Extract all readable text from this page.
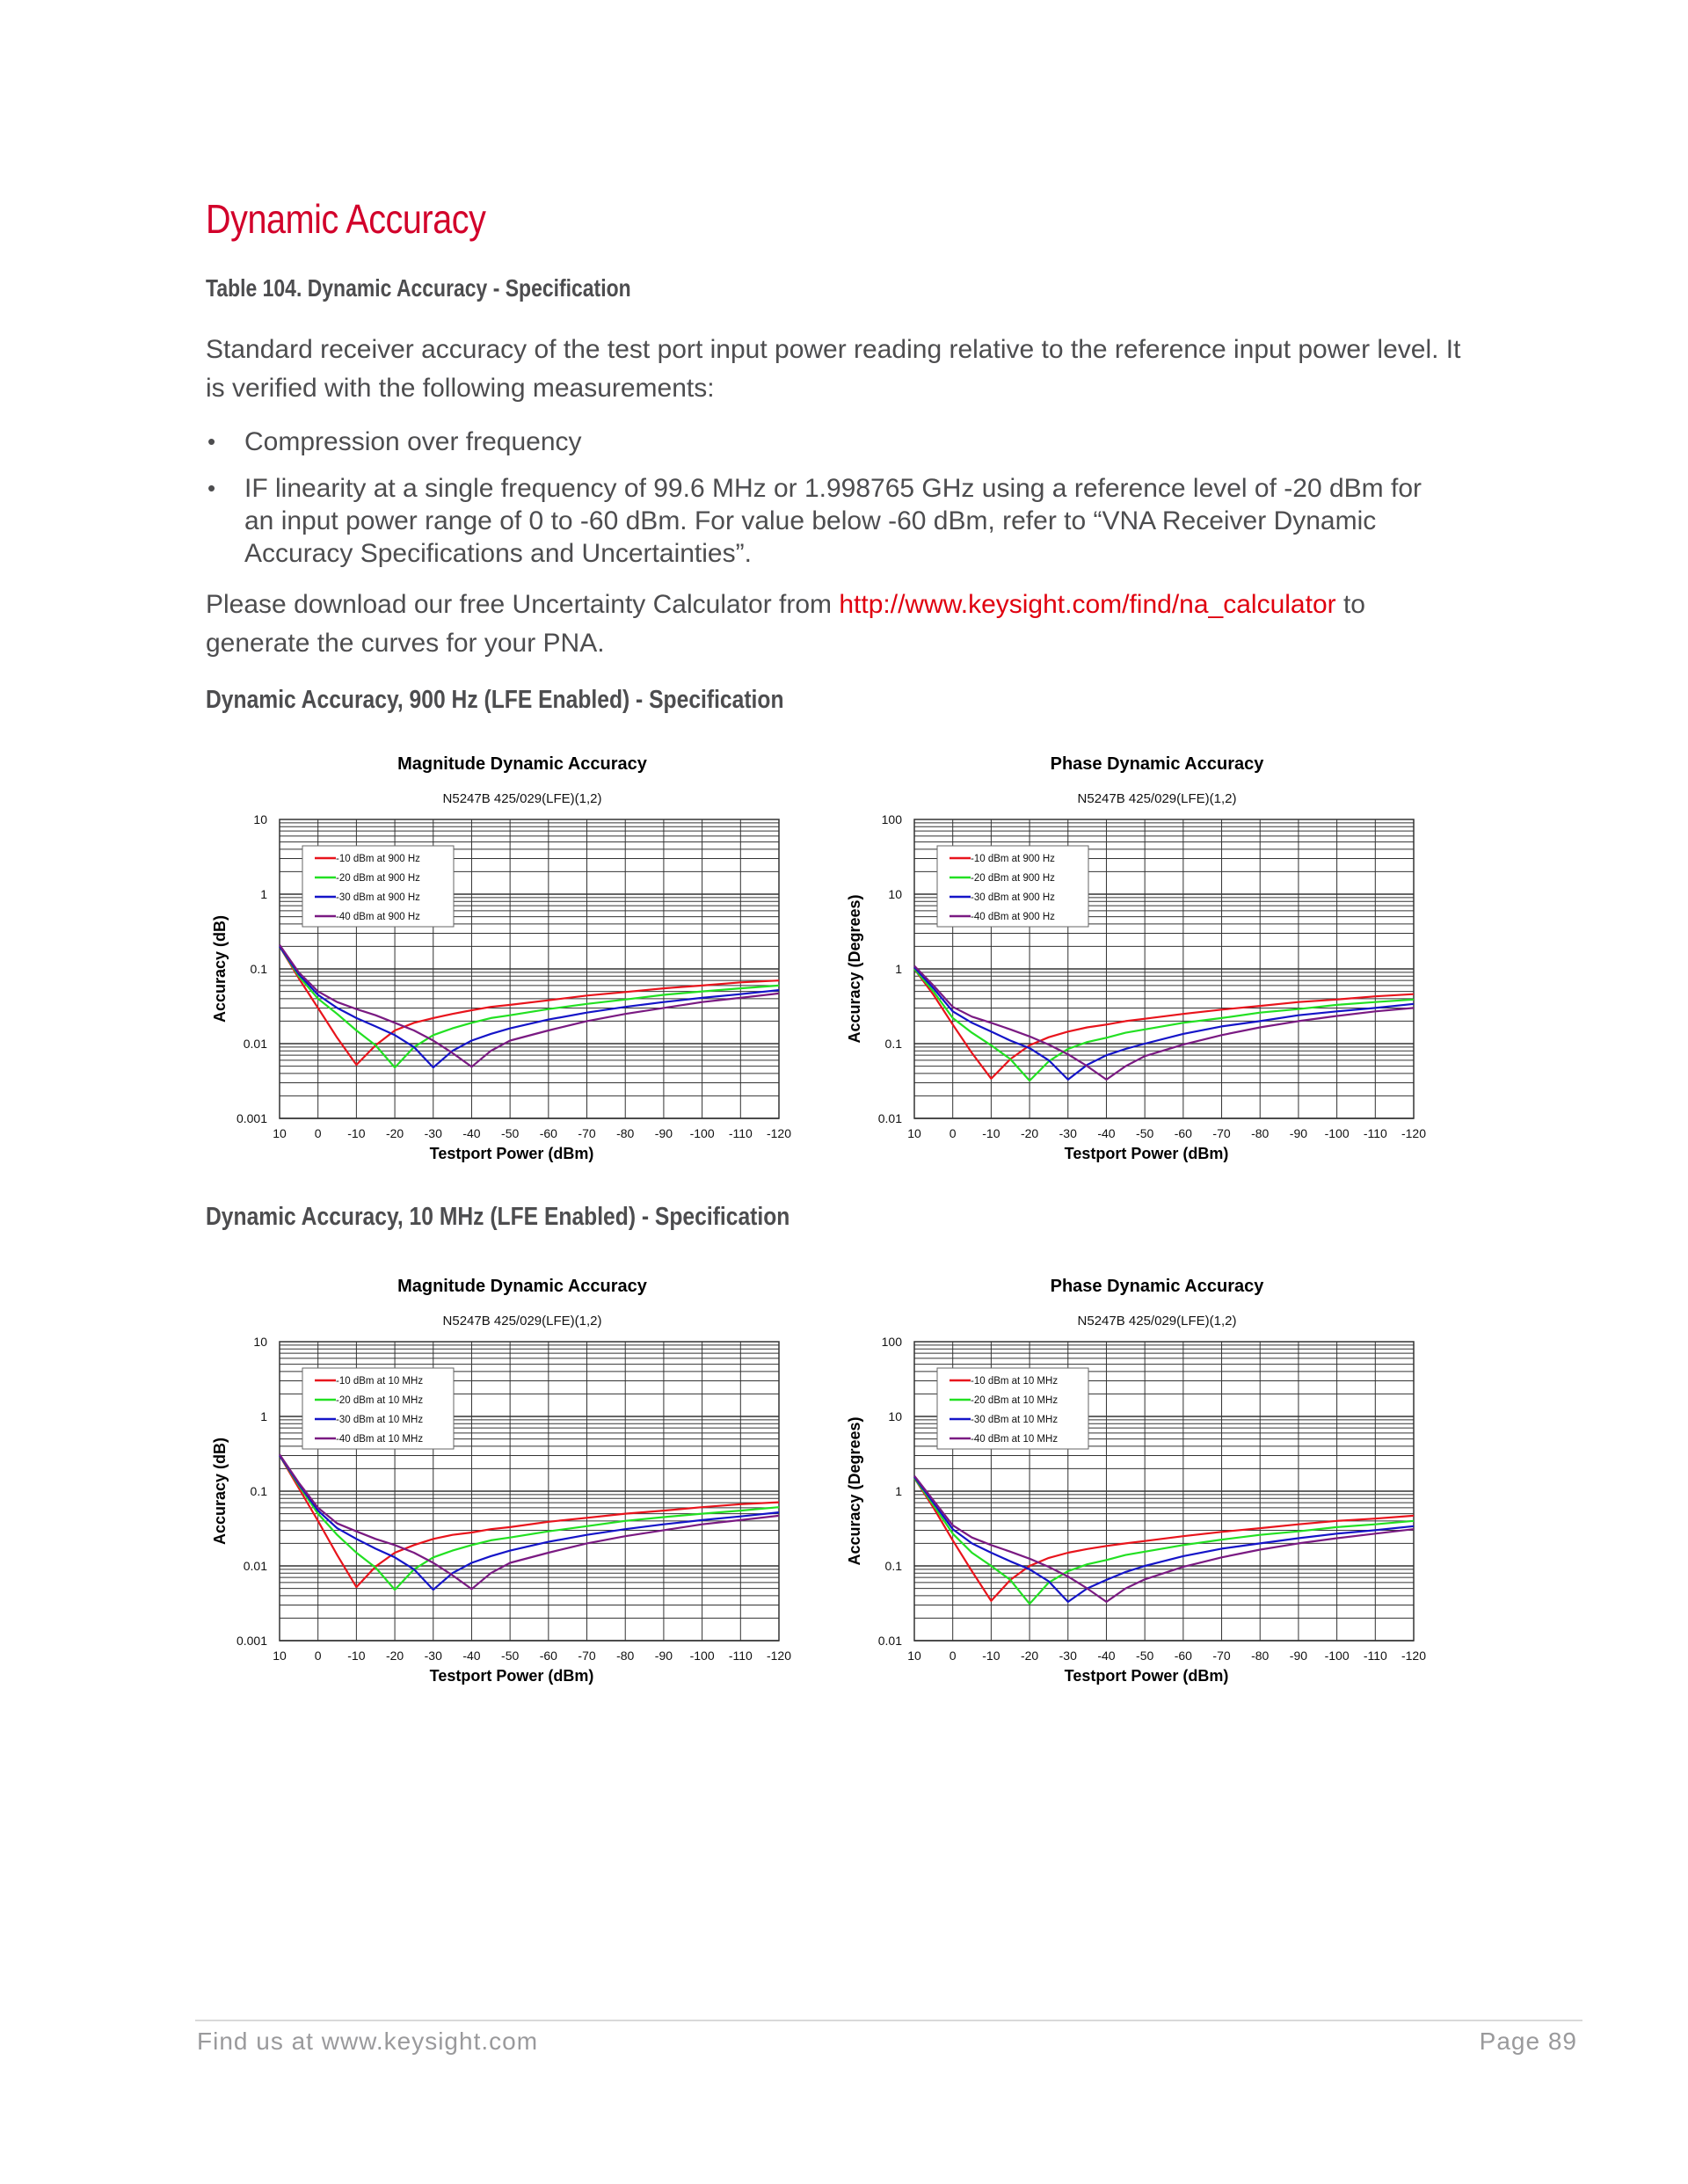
Dynamic Accuracy
Table 104. Dynamic Accuracy - Specification

Standard receiver accuracy of the test port input power reading relative to the reference input power level. It is verified with the following measurements:

• Compression over frequency
• IF linearity at a single frequency of 99.6 MHz or 1.998765 GHz using a reference level of -20 dBm for an input power range of 0 to -60 dBm. For value below -60 dBm, refer to “VNA Receiver Dynamic Accuracy Specifications and Uncertainties”.

Please download our free Uncertainty Calculator from http://www.keysight.com/find/na_calculator to generate the curves for your PNA.

Dynamic Accuracy, 900 Hz (LFE Enabled) - Specification
Magnitude Dynamic Accuracy
N5247B 425/029(LFE)(1,2)
0.001
0.01
0.1
1
10
10 0 -10 -20 -30 -40 -50 -60 -70 -80 -90 -100 -110 -120
Testport Power (dBm)
Accuracy (dB)
-10 dBm at 900 Hz
-20 dBm at 900 Hz
-30 dBm at 900 Hz
-40 dBm at 900 Hz
Phase Dynamic Accuracy
N5247B 425/029(LFE)(1,2)
0.01
0.1
1
10
100
10 0 -10 -20 -30 -40 -50 -60 -70 -80 -90 -100 -110 -120
Testport Power (dBm)
Accuracy (Degrees)
-10 dBm at 900 Hz
-20 dBm at 900 Hz
-30 dBm at 900 Hz
-40 dBm at 900 Hz
Dynamic Accuracy, 10 MHz (LFE Enabled) - Specification
Magnitude Dynamic Accuracy
N5247B 425/029(LFE)(1,2)
0.001
0.01
0.1
1
10
10 0 -10 -20 -30 -40 -50 -60 -70 -80 -90 -100 -110 -120
Testport Power (dBm)
Accuracy (dB)
-10 dBm at 10 MHz
-20 dBm at 10 MHz
-30 dBm at 10 MHz
-40 dBm at 10 MHz
Phase Dynamic Accuracy
N5247B 425/029(LFE)(1,2)
0.01
0.1
1
10
100
10 0 -10 -20 -30 -40 -50 -60 -70 -80 -90 -100 -110 -120
Testport Power (dBm)
Accuracy (Degrees)
-10 dBm at 10 MHz
-20 dBm at 10 MHz
-30 dBm at 10 MHz
-40 dBm at 10 MHz
Find us at www.keysight.com	Page 89
